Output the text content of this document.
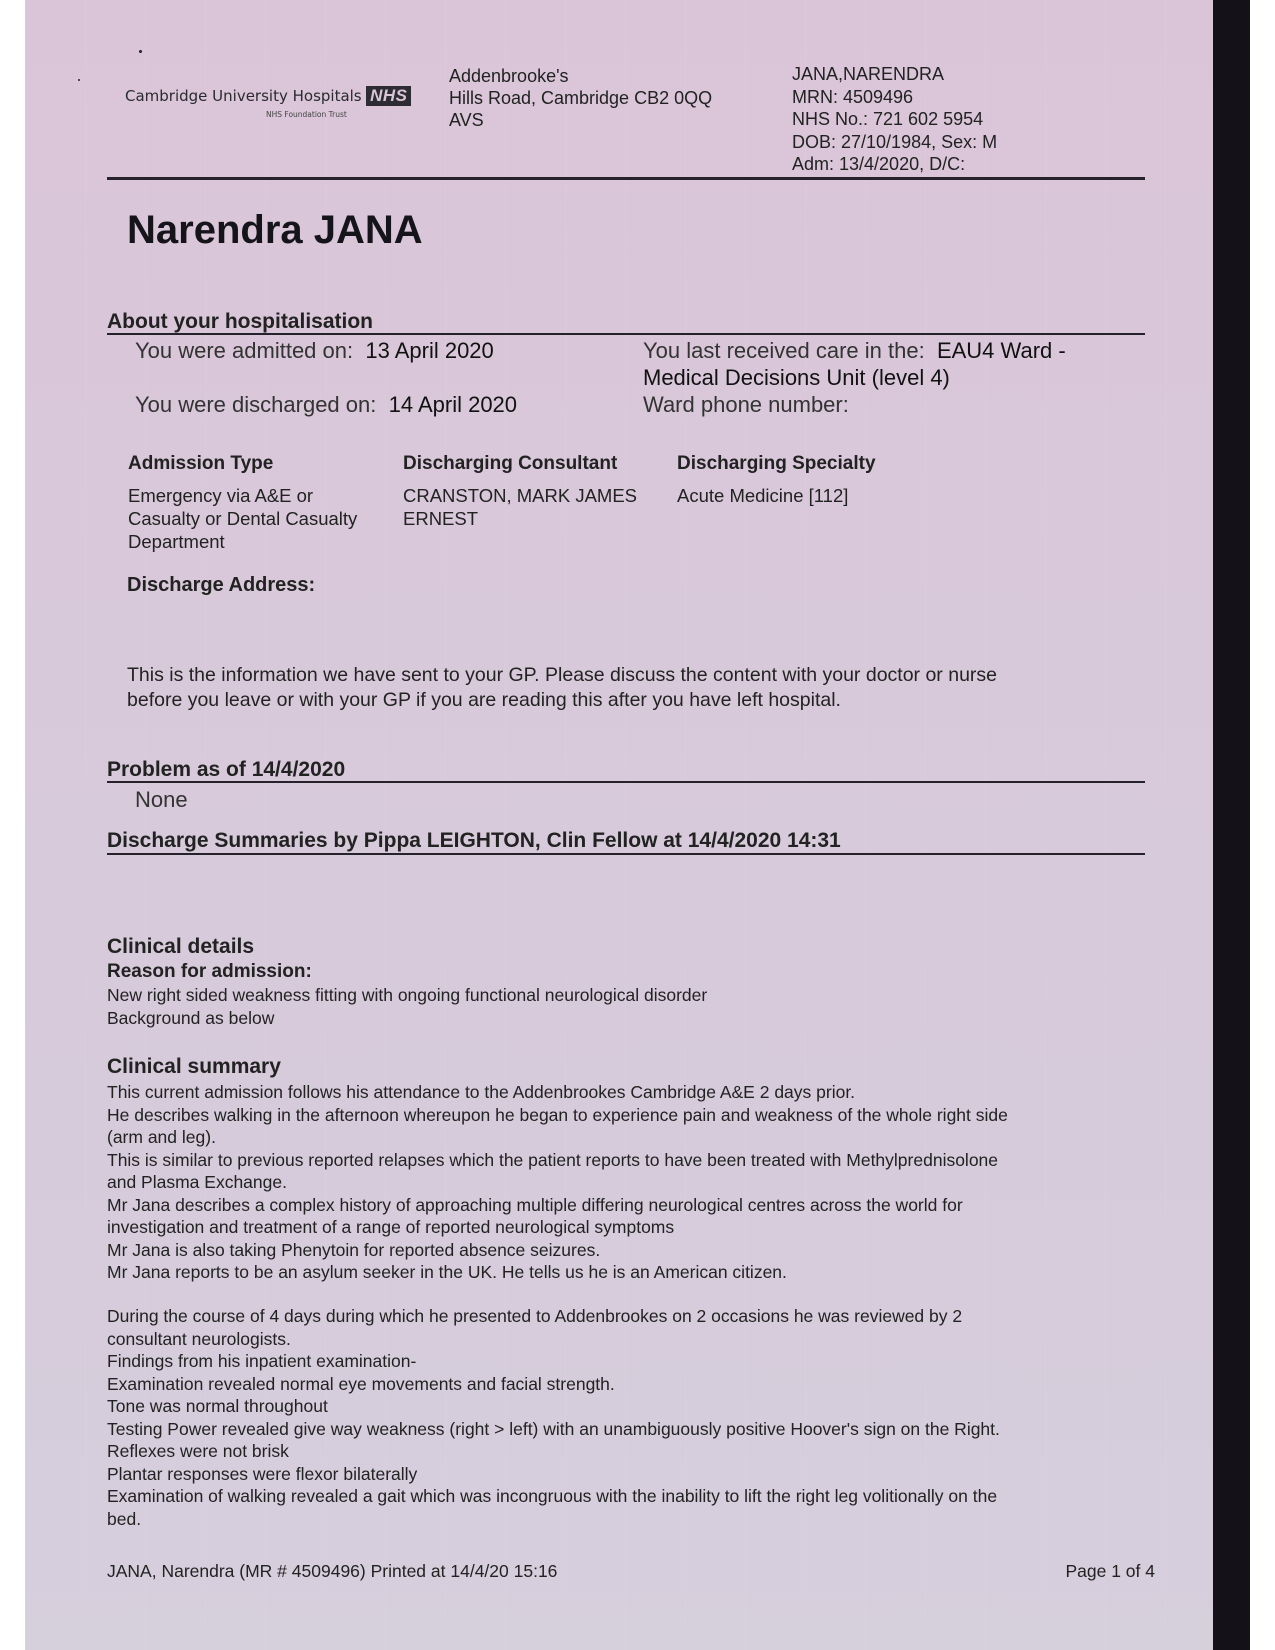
Cambridge University Hospitals NHS
NHS Foundation Trust
Addenbrooke's
Hills Road, Cambridge CB2 0QQ
AVS
JANA,NARENDRA
MRN: 4509496
NHS No.: 721 602 5954
DOB: 27/10/1984, Sex: M
Adm: 13/4/2020, D/C:
Narendra JANA
About your hospitalisation
You were admitted on: 13 April 2020
You were discharged on: 14 April 2020
You last received care in the: EAU4 Ward -
Medical Decisions Unit (level 4)
Ward phone number:
Admission Type
Emergency via A&E or
Casualty or Dental Casualty
Department
Discharging Consultant
CRANSTON, MARK JAMES
ERNEST
Discharging Specialty
Acute Medicine [112]
Discharge Address:
This is the information we have sent to your GP. Please discuss the content with your doctor or nurse
before you leave or with your GP if you are reading this after you have left hospital.
Problem as of 14/4/2020
None
Discharge Summaries by Pippa LEIGHTON, Clin Fellow at 14/4/2020 14:31
Clinical details
Reason for admission:
New right sided weakness fitting with ongoing functional neurological disorder
Background as below
Clinical summary
This current admission follows his attendance to the Addenbrookes Cambridge A&E 2 days prior.
He describes walking in the afternoon whereupon he began to experience pain and weakness of the whole right side
(arm and leg).
This is similar to previous reported relapses which the patient reports to have been treated with Methylprednisolone
and Plasma Exchange.
Mr Jana describes a complex history of approaching multiple differing neurological centres across the world for
investigation and treatment of a range of reported neurological symptoms
Mr Jana is also taking Phenytoin for reported absence seizures.
Mr Jana reports to be an asylum seeker in the UK. He tells us he is an American citizen.
During the course of 4 days during which he presented to Addenbrookes on 2 occasions he was reviewed by 2
consultant neurologists.
Findings from his inpatient examination-
Examination revealed normal eye movements and facial strength.
Tone was normal throughout
Testing Power revealed give way weakness (right > left) with an unambiguously positive Hoover's sign on the Right.
Reflexes were not brisk
Plantar responses were flexor bilaterally
Examination of walking revealed a gait which was incongruous with the inability to lift the right leg volitionally on the
bed.
JANA, Narendra (MR # 4509496) Printed at 14/4/20 15:16	Page 1 of 4
